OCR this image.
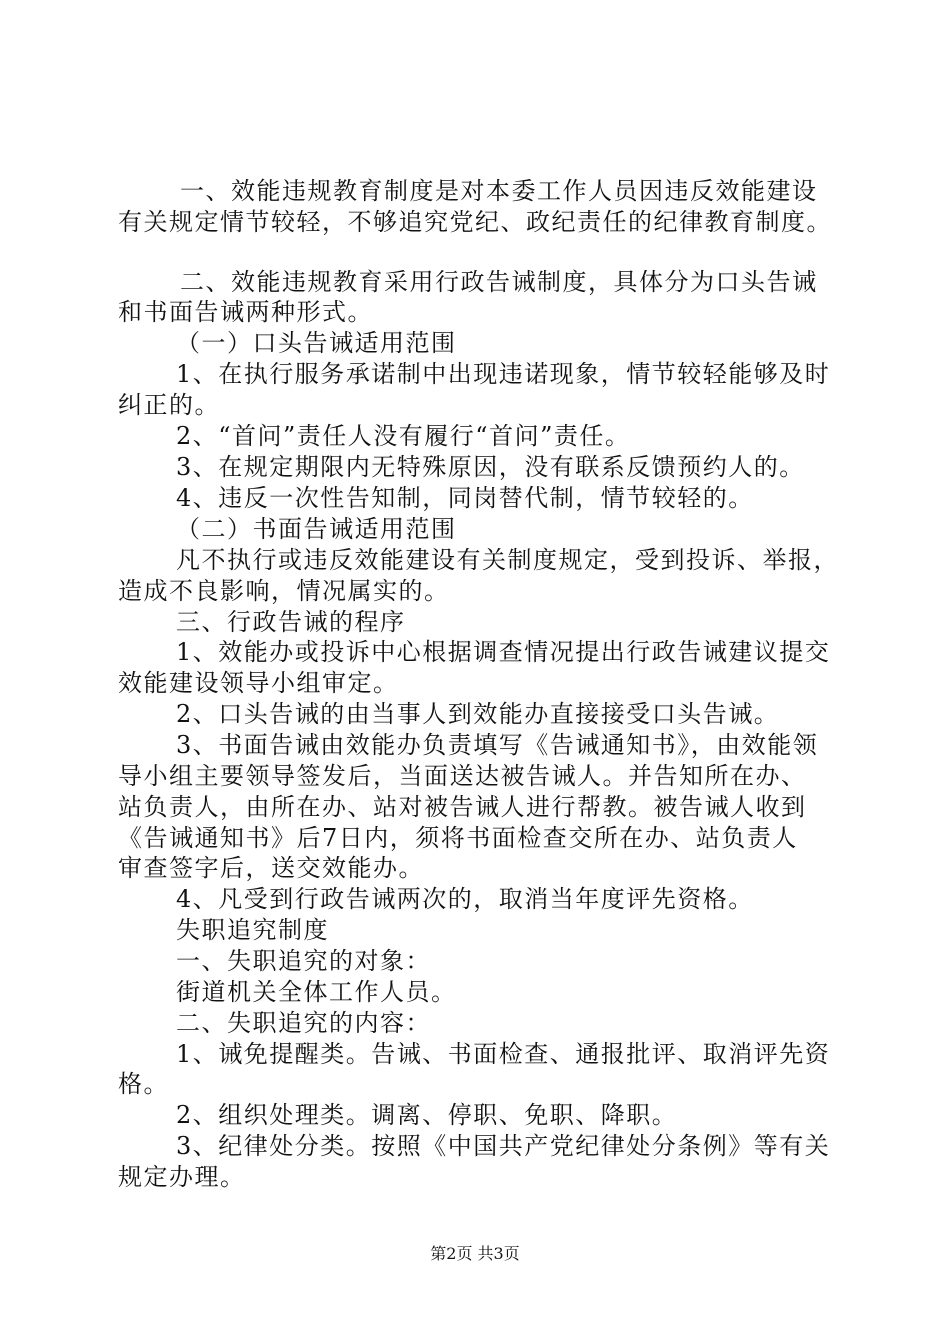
一、效能违规教育制度是对本委工作人员因违反效能建设
有关规定情节较轻，不够追究党纪、政纪责任的纪律教育制度。
二、效能违规教育采用行政告诫制度，具体分为口头告诫
和书面告诫两种形式。
（一）口头告诫适用范围
1、在执行服务承诺制中出现违诺现象，情节较轻能够及时
纠正的。
2、“首问”责任人没有履行“首问”责任。
3、在规定期限内无特殊原因，没有联系反馈预约人的。
4、违反一次性告知制，同岗替代制，情节较轻的。
（二）书面告诫适用范围
凡不执行或违反效能建设有关制度规定，受到投诉、举报，
造成不良影响，情况属实的。
三、行政告诫的程序
1、效能办或投诉中心根据调查情况提出行政告诫建议提交
效能建设领导小组审定。
2、口头告诫的由当事人到效能办直接接受口头告诫。
3、书面告诫由效能办负责填写《告诫通知书》，由效能领
导小组主要领导签发后，当面送达被告诫人。并告知所在办、
站负责人，由所在办、站对被告诫人进行帮教。被告诫人收到
《告诫通知书》后7日内，须将书面检查交所在办、站负责人
审查签字后，送交效能办。
4、凡受到行政告诫两次的，取消当年度评先资格。
失职追究制度
一、失职追究的对象：
街道机关全体工作人员。
二、失职追究的内容：
1、诫免提醒类。告诫、书面检查、通报批评、取消评先资
格。
2、组织处理类。调离、停职、免职、降职。
3、纪律处分类。按照《中国共产党纪律处分条例》等有关
规定办理。
第2页 共3页
